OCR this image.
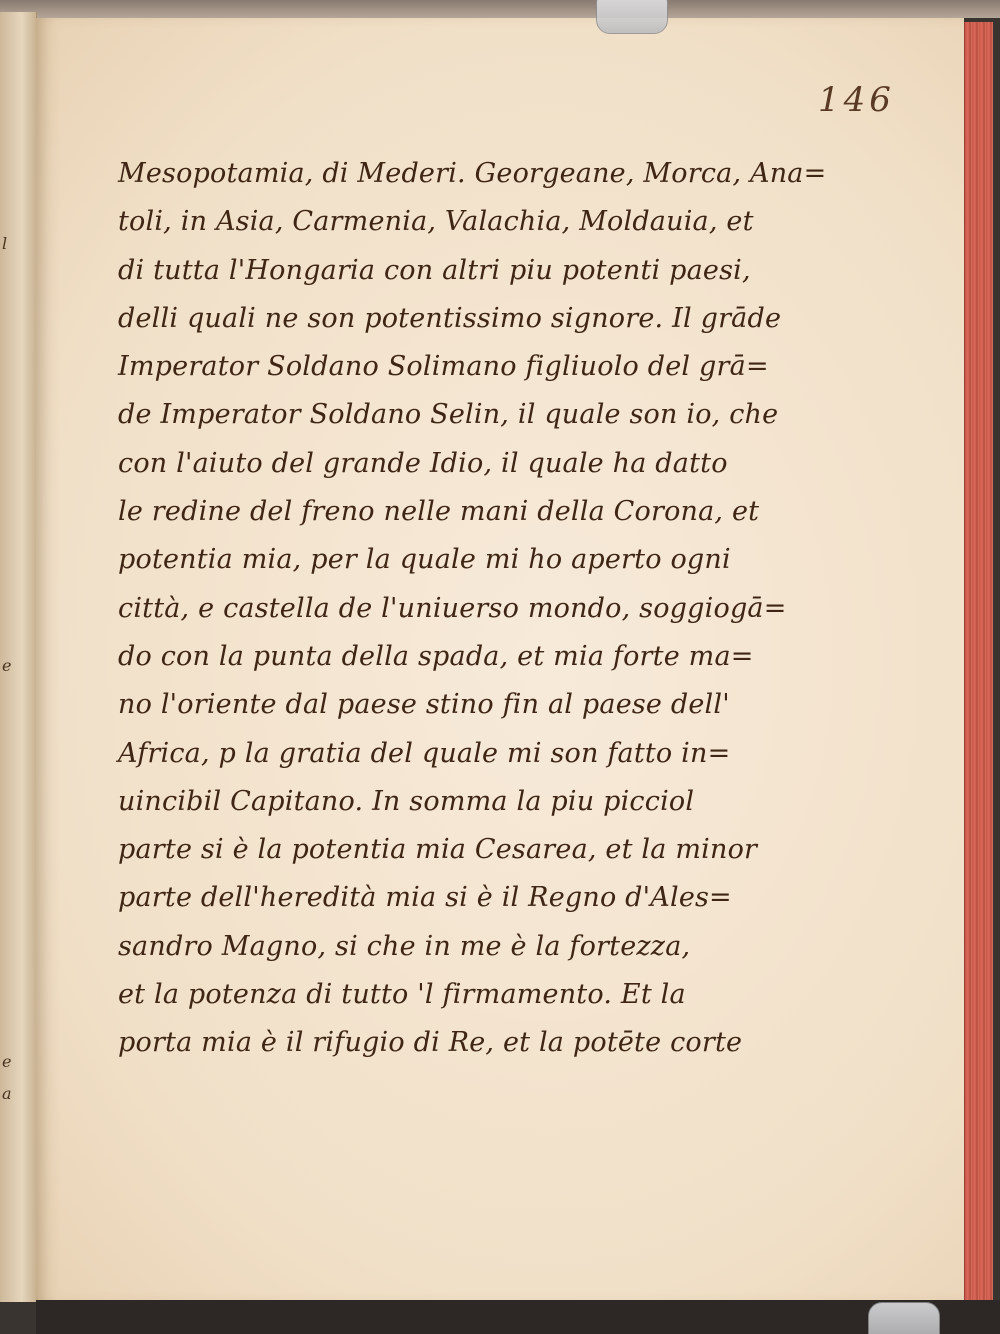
l
e
e
a
146
Mesopotamia, di Mederi. Georgeane, Morca, Ana=
toli, in Asia, Carmenia, Valachia, Moldauia, et
di tutta l'Hongaria con altri piu potenti paesi,
delli quali ne son potentissimo signore. Il grāde
Imperator Soldano Solimano figliuolo del grā=
de Imperator Soldano Selin, il quale son io, che
con l'aiuto del grande Idio, il quale ha datto
le redine del freno nelle mani della Corona, et
potentia mia, per la quale mi ho aperto ogni
città, e castella de l'uniuerso mondo, soggiogā=
do con la punta della spada, et mia forte ma=
no l'oriente dal paese stino fin al paese dell'
Africa, p la gratia del quale mi son fatto in=
uincibil Capitano. In somma la piu picciol
parte si è la potentia mia Cesarea, et la minor
parte dell'heredità mia si è il Regno d'Ales=
sandro Magno, si che in me è la fortezza,
et la potenza di tutto 'l firmamento. Et la
porta mia è il rifugio di Re, et la potēte corte
